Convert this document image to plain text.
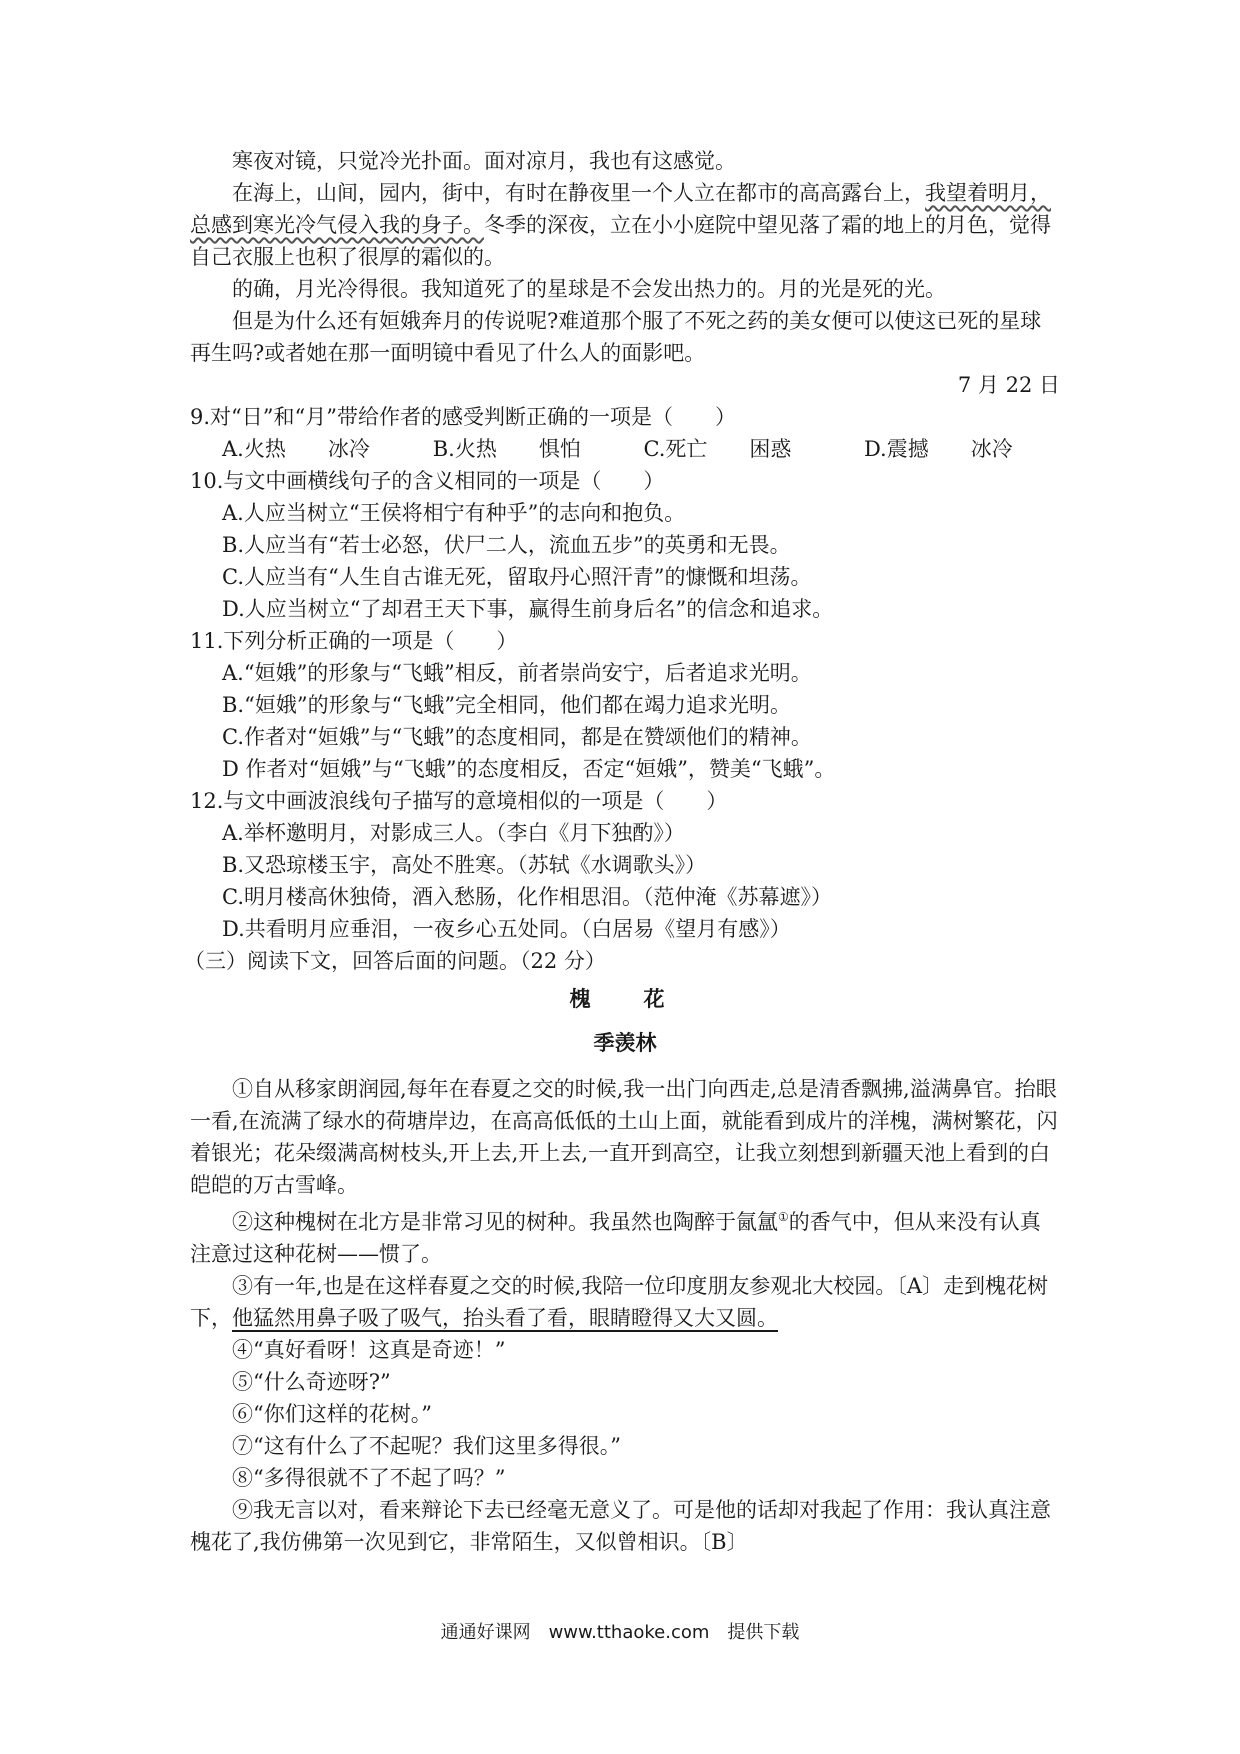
寒夜对镜，只觉冷光扑面。面对凉月，我也有这感觉。

在海上，山间，园内，街中，有时在静夜里一个人立在都市的高高露台上，我望着明月，总感到寒光冷气侵入我的身子。冬季的深夜，立在小小庭院中望见落了霜的地上的月色，觉得自己衣服上也积了很厚的霜似的。

的确，月光冷得很。我知道死了的星球是不会发出热力的。月的光是死的光。

但是为什么还有姮娥奔月的传说呢?难道那个服了不死之药的美女便可以使这已死的星球再生吗?或者她在那一面明镜中看见了什么人的面影吧。

7 月 22 日

9.对“日”和“月”带给作者的感受判断正确的一项是（　　）

A.火热　　冰冷	B.火热　　惧怕	C.死亡　　困惑	D.震撼　　冰冷

10.与文中画横线句子的含义相同的一项是（　　）

A.人应当树立“王侯将相宁有种乎”的志向和抱负。

B.人应当有“若士必怒，伏尸二人，流血五步”的英勇和无畏。

C.人应当有“人生自古谁无死，留取丹心照汗青”的慷慨和坦荡。

D.人应当树立“了却君王天下事，赢得生前身后名”的信念和追求。

11.下列分析正确的一项是（　　）

A.“姮娥”的形象与“飞蛾”相反，前者崇尚安宁，后者追求光明。

B.“姮娥”的形象与“飞蛾”完全相同，他们都在竭力追求光明。

C.作者对“姮娥”与“飞蛾”的态度相同，都是在赞颂他们的精神。

D 作者对“姮娥”与“飞蛾”的态度相反，否定“姮娥”，赞美“飞蛾”。

12.与文中画波浪线句子描写的意境相似的一项是（　　）

A.举杯邀明月，对影成三人。（李白《月下独酌》）

B.又恐琼楼玉宇，高处不胜寒。（苏轼《水调歌头》）

C.明月楼高休独倚，酒入愁肠，化作相思泪。（范仲淹《苏幕遮》）

D.共看明月应垂泪，一夜乡心五处同。（白居易《望月有感》）

（三）阅读下文，回答后面的问题。（22 分）

槐　花
季羡林

①自从移家朗润园,每年在春夏之交的时候,我一出门向西走,总是清香飘拂,溢满鼻官。抬眼一看,在流满了绿水的荷塘岸边，在高高低低的土山上面，就能看到成片的洋槐，满树繁花，闪着银光；花朵缀满高树枝头,开上去,开上去,一直开到高空，让我立刻想到新疆天池上看到的白皑皑的万古雪峰。

②这种槐树在北方是非常习见的树种。我虽然也陶醉于氤氲①的香气中，但从来没有认真注意过这种花树——惯了。

③有一年,也是在这样春夏之交的时候,我陪一位印度朋友参观北大校园。〔A〕走到槐花树下，他猛然用鼻子吸了吸气，抬头看了看，眼睛瞪得又大又圆。

④“真好看呀！这真是奇迹！”

⑤“什么奇迹呀?”

⑥“你们这样的花树。”

⑦“这有什么了不起呢？我们这里多得很。”

⑧“多得很就不了不起了吗？”

⑨我无言以对，看来辩论下去已经毫无意义了。可是他的话却对我起了作用：我认真注意槐花了,我仿佛第一次见到它，非常陌生，又似曾相识。〔B〕

通通好课网　www.tthaoke.com　提供下载
